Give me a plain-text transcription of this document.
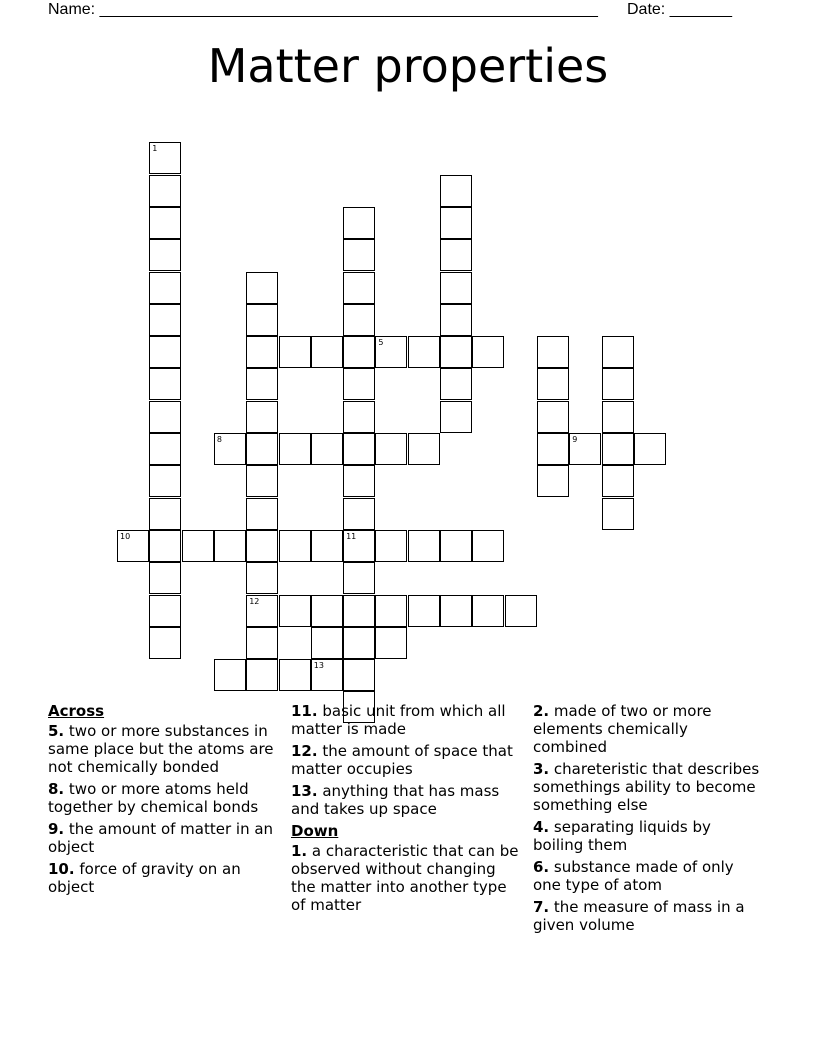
Name: ________________________________________________________ Date: _______
Matter properties
1
12
11
5
8	9
10
13
Across
5. two or more substances in same place but the atoms are not chemically bonded
8. two or more atoms held together by chemical bonds
9. the amount of matter in an object
10. force of gravity on an object
11. basic unit from which all matter is made
12. the amount of space that matter occupies
13. anything that has mass and takes up space
Down
1. a characteristic that can be observed without changing the matter into another type of matter
2. made of two or more elements chemically combined
3. chareteristic that describes somethings ability to become something else
4. separating liquids by boiling them
6. substance made of only one type of atom
7. the measure of mass in a given volume
